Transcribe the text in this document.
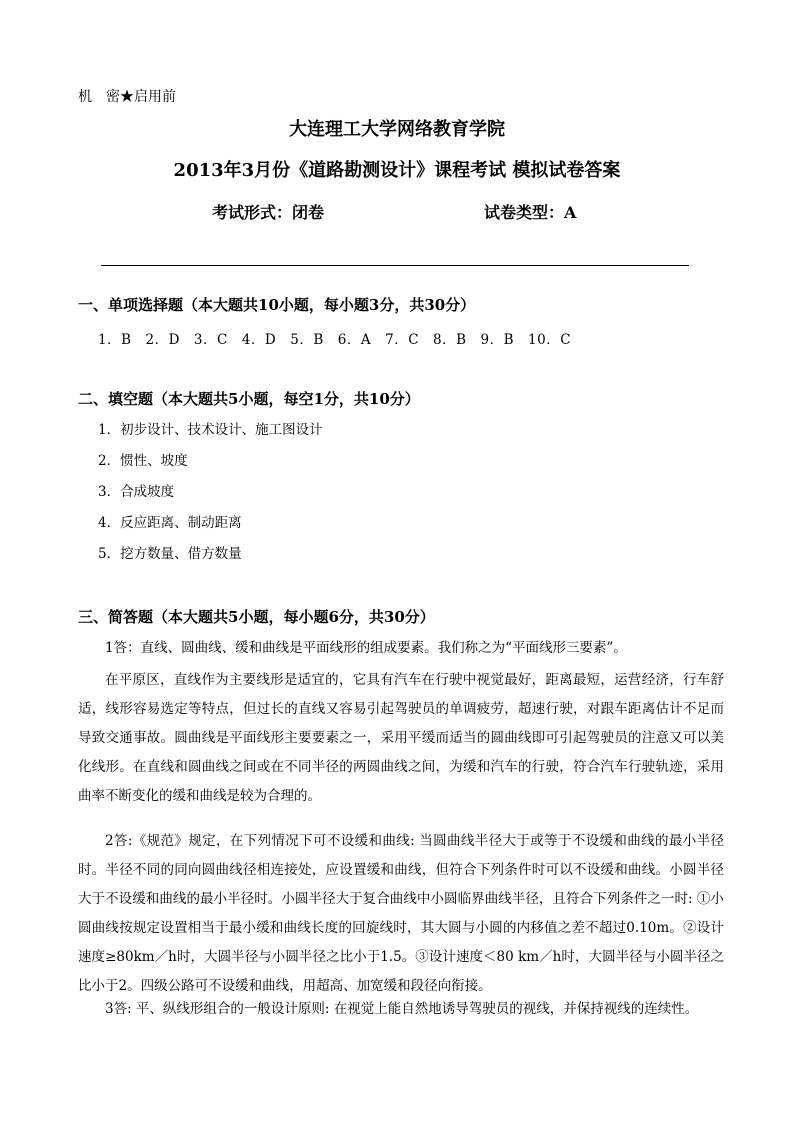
机　密★启用前
大连理工大学网络教育学院
2013年3月份《道路勘测设计》课程考试 模拟试卷答案
考试形式：闭卷	试卷类型：A
一、单项选择题（本大题共10小题，每小题3分，共30分）
1．B　2．D　3．C　4．D　5．B　6．A　7．C　8．B　9．B　10．C
二、填空题（本大题共5小题，每空1分，共10分）
1．初步设计、技术设计、施工图设计
2．惯性、坡度
3．合成坡度
4．反应距离、制动距离
5．挖方数量、借方数量
三、简答题（本大题共5小题，每小题6分，共30分）

1答：直线、圆曲线、缓和曲线是平面线形的组成要素。我们称之为“平面线形三要素”。

在平原区，直线作为主要线形是适宜的，它具有汽车在行驶中视觉最好，距离最短，运营经济，行车舒适，线形容易选定等特点，但过长的直线又容易引起驾驶员的单调疲劳，超速行驶，对跟车距离估计不足而导致交通事故。圆曲线是平面线形主要要素之一，采用平缓而适当的圆曲线即可引起驾驶员的注意又可以美化线形。在直线和圆曲线之间或在不同半径的两圆曲线之间，为缓和汽车的行驶，符合汽车行驶轨迹，采用曲率不断变化的缓和曲线是较为合理的。

2答:《规范》规定，在下列情况下可不设缓和曲线: 当圆曲线半径大于或等于不设缓和曲线的最小半径时。半径不同的同向圆曲线径相连接处，应设置缓和曲线，但符合下列条件时可以不设缓和曲线。小圆半径大于不设缓和曲线的最小半径时。小圆半径大于复合曲线中小圆临界曲线半径，且符合下列条件之一时: ①小圆曲线按规定设置相当于最小缓和曲线长度的回旋线时，其大圆与小圆的内移值之差不超过0.10m。②设计速度≥80km／h时，大圆半径与小圆半径之比小于1.5。③设计速度＜80 km／h时，大圆半径与小圆半径之比小于2。四级公路可不设缓和曲线，用超高、加宽缓和段径向衔接。

3答: 平、纵线形组合的一般设计原则: 在视觉上能自然地诱导驾驶员的视线，并保持视线的连续性。
